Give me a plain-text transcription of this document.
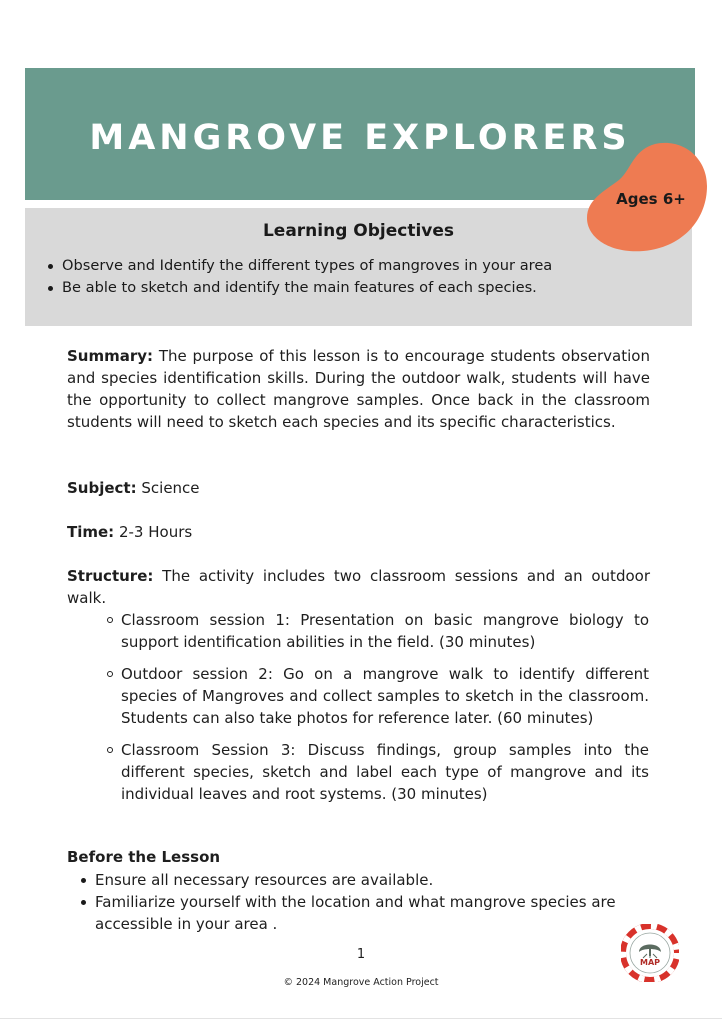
MANGROVE EXPLORERS
Learning Objectives
Observe and Identify the different types of mangroves in your area
Be able to sketch and identify the main features of each species.
Ages 6+

Summary: The purpose of this lesson is to encourage students observation and species identification skills. During the outdoor walk, students will have the opportunity to collect mangrove samples. Once back in the classroom students will need to sketch each species and its specific characteristics.

Subject: Science

Time: 2-3 Hours

Structure: The activity includes two classroom sessions and an outdoor walk.

Classroom session 1: Presentation on basic mangrove biology to support identification abilities in the field. (30 minutes)
Outdoor session 2: Go on a mangrove walk to identify different species of Mangroves and collect samples to sketch in the classroom. Students can also take photos for reference later. (60 minutes)
Classroom Session 3: Discuss findings, group samples into the different species, sketch and label each type of mangrove and its individual leaves and root systems. (30 minutes)
Before the Lesson
Ensure all necessary resources are available.
Familiarize yourself with the location and what mangrove species are accessible in your area .
1
© 2024 Mangrove Action Project
MAP
